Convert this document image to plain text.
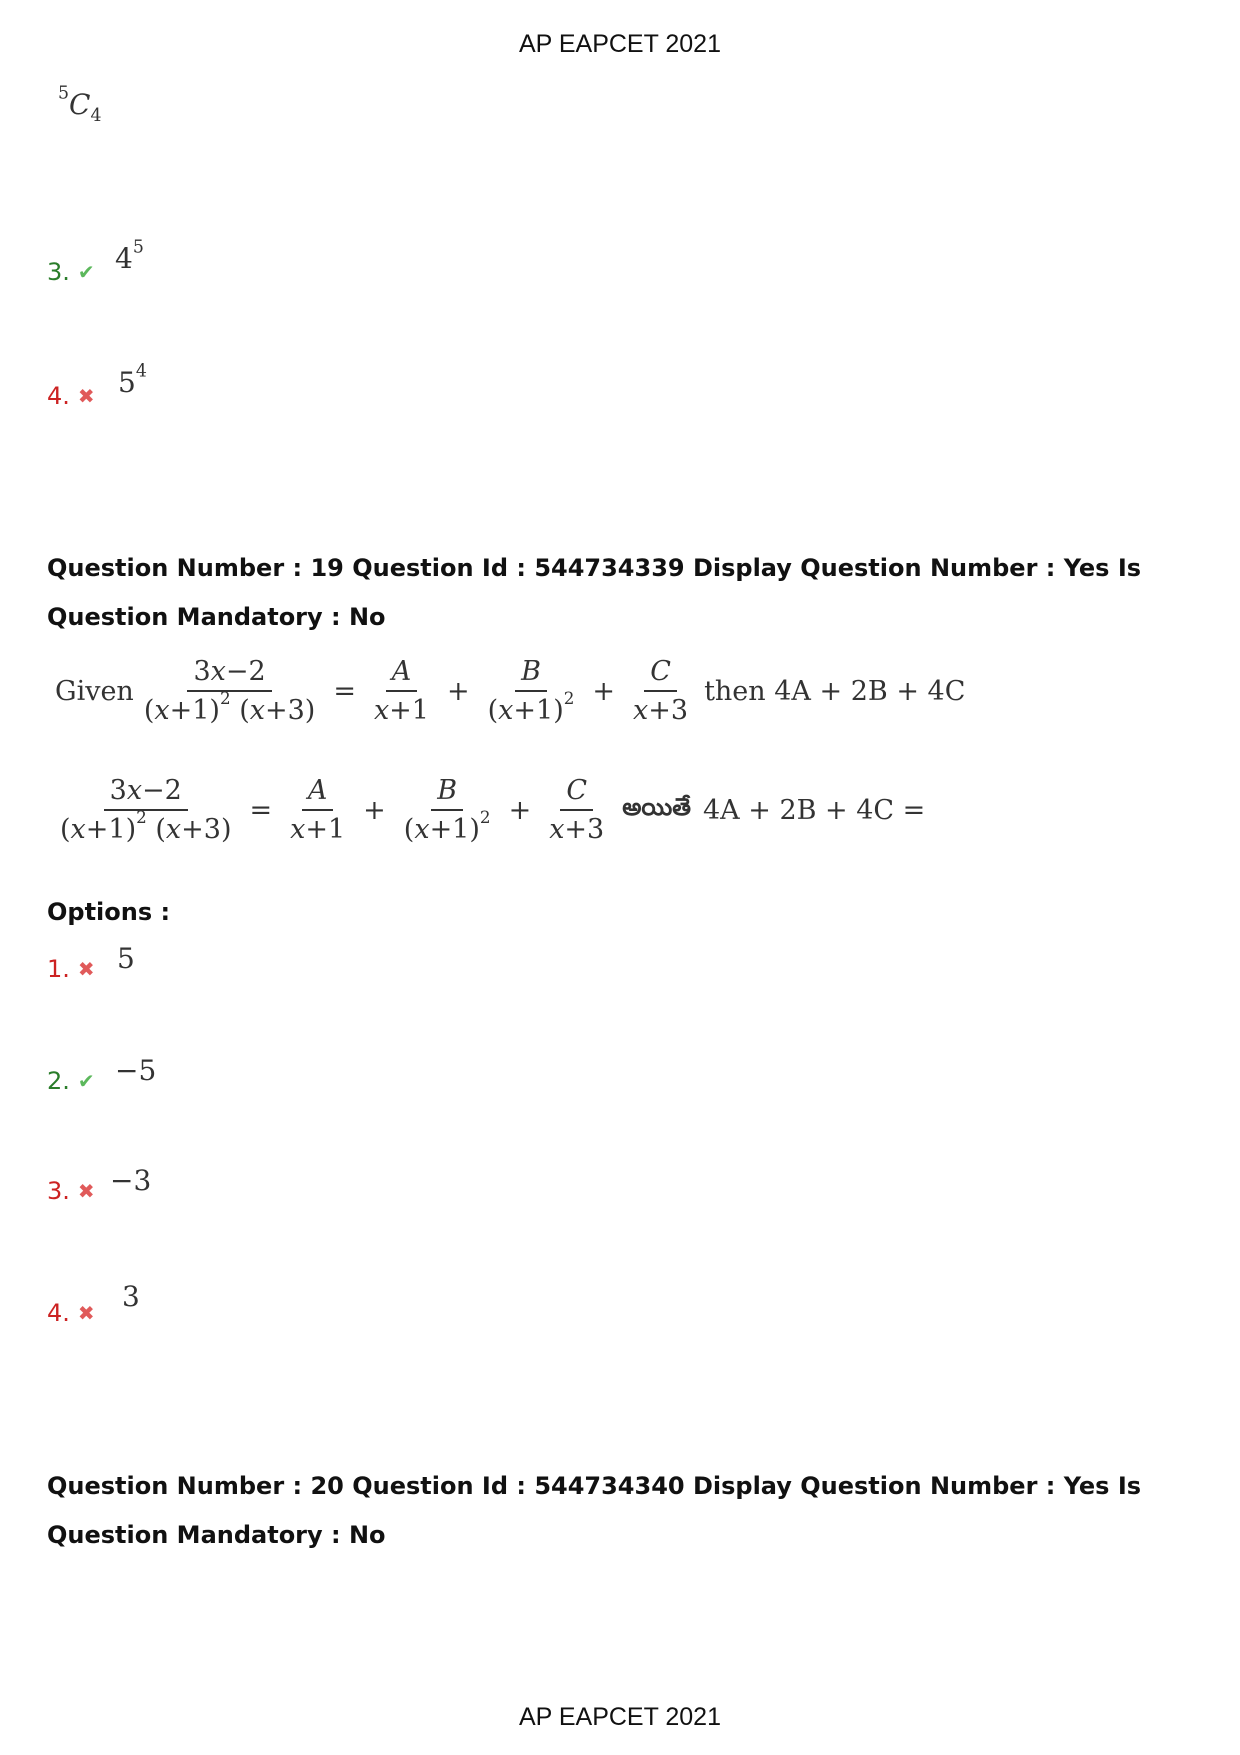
AP EAPCET 2021
$^5C_4$
3. ✔ $4^5$
4. ✖ $5^4$
Question Number : 19 Question Id : 544734339 Display Question Number : Yes Is Question Mandatory : No
Given $\frac{3x-2}{(x+1)^2 (x+3)} = \frac{A}{x+1} + \frac{B}{(x+1)^2} + \frac{C}{x+3}$ then 4A + 2B + 4C
$\frac{3x-2}{(x+1)^2 (x+3)} = \frac{A}{x+1} + \frac{B}{(x+1)^2} + \frac{C}{x+3}$ అయితే 4A + 2B + 4C =
Options :
1. ✖ 5
2. ✔ −5
3. ✖ −3
4. ✖ 3
Question Number : 20 Question Id : 544734340 Display Question Number : Yes Is Question Mandatory : No
AP EAPCET 2021
